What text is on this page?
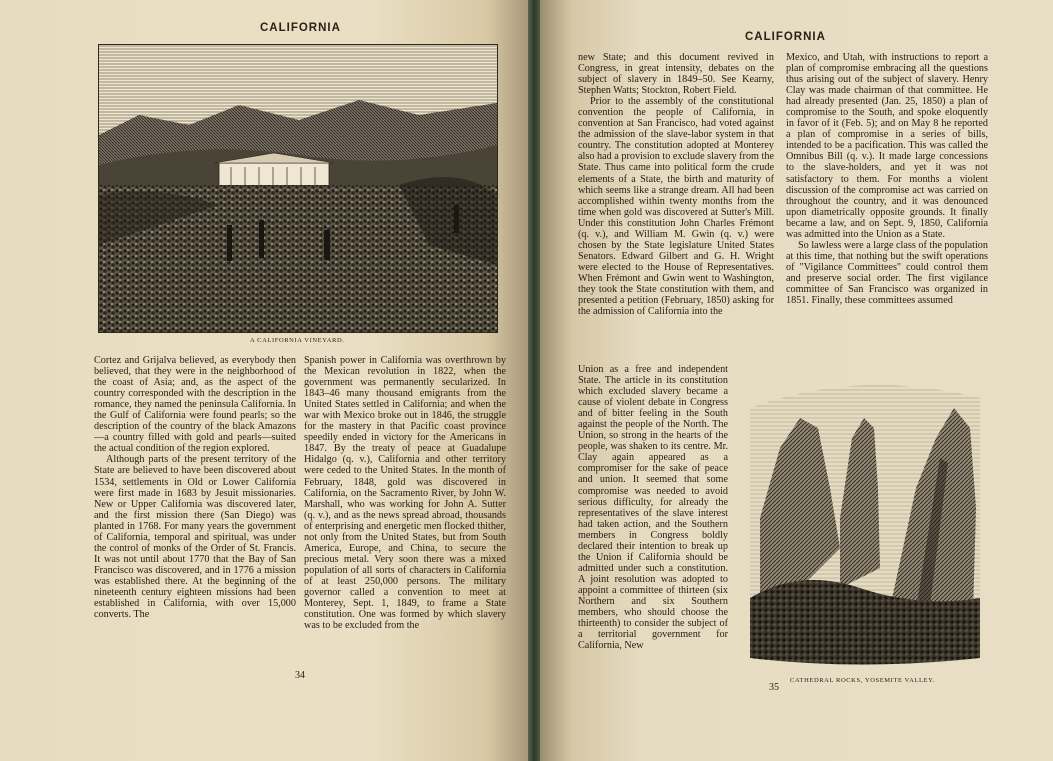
CALIFORNIA
A CALIFORNIA VINEYARD.

Cortez and Grijalva believed, as everybody then believed, that they were in the neighborhood of the coast of Asia; and, as the aspect of the country corresponded with the description in the romance, they named the peninsula California. In the Gulf of California were found pearls; so the description of the country of the black Amazons—a country filled with gold and pearls—suited the actual condition of the region explored.

Although parts of the present territory of the State are believed to have been discovered about 1534, settlements in Old or Lower California were first made in 1683 by Jesuit missionaries. New or Upper California was discovered later, and the first mission there (San Diego) was planted in 1768. For many years the government of California, temporal and spiritual, was under the control of monks of the Order of St. Francis. It was not until about 1770 that the Bay of San Francisco was discovered, and in 1776 a mission was established there. At the beginning of the nineteenth century eighteen missions had been established in California, with over 15,000 converts. The

Spanish power in California was overthrown by the Mexican revolution in 1822, when the government was permanently secularized. In 1843–46 many thousand emigrants from the United States settled in California; and when the war with Mexico broke out in 1846, the struggle for the mastery in that Pacific coast province speedily ended in victory for the Americans in 1847. By the treaty of peace at Guadalupe Hidalgo (q. v.), California and other territory were ceded to the United States. In the month of February, 1848, gold was discovered in California, on the Sacramento River, by John W. Marshall, who was working for John A. Sutter (q. v.), and as the news spread abroad, thousands of enterprising and energetic men flocked thither, not only from the United States, but from South America, Europe, and China, to secure the precious metal. Very soon there was a mixed population of all sorts of characters in California of at least 250,000 persons. The military governor called a convention to meet at Monterey, Sept. 1, 1849, to frame a State constitution. One was formed by which slavery was to be excluded from the

34
CALIFORNIA

new State; and this document revived in Congress, in great intensity, debates on the subject of slavery in 1849–50. See Kearny, Stephen Watts; Stockton, Robert Field.

Prior to the assembly of the constitutional convention the people of California, in convention at San Francisco, had voted against the admission of the slave-labor system in that country. The constitution adopted at Monterey also had a provision to exclude slavery from the State. Thus came into political form the crude elements of a State, the birth and maturity of which seems like a strange dream. All had been accomplished within twenty months from the time when gold was discovered at Sutter's Mill. Under this constitution John Charles Frémont (q. v.), and William M. Gwin (q. v.) were chosen by the State legislature United States Senators. Edward Gilbert and G. H. Wright were elected to the House of Representatives. When Frémont and Gwin went to Washington, they took the State constitution with them, and presented a petition (February, 1850) asking for the admission of California into the

Union as a free and independent State. The article in its constitution which excluded slavery became a cause of violent debate in Congress and of bitter feeling in the South against the people of the North. The Union, so strong in the hearts of the people, was shaken to its centre. Mr. Clay again appeared as a compromiser for the sake of peace and union. It seemed that some compromise was needed to avoid serious difficulty, for already the representatives of the slave interest had taken action, and the Southern members in Congress boldly declared their intention to break up the Union if California should be admitted under such a constitution. A joint resolution was adopted to appoint a committee of thirteen (six Northern and six Southern members, who should choose the thirteenth) to consider the subject of a territorial government for California, New

Mexico, and Utah, with instructions to report a plan of compromise embracing all the questions thus arising out of the subject of slavery. Henry Clay was made chairman of that committee. He had already presented (Jan. 25, 1850) a plan of compromise to the South, and spoke eloquently in favor of it (Feb. 5); and on May 8 he reported a plan of compromise in a series of bills, intended to be a pacification. This was called the Omnibus Bill (q. v.). It made large concessions to the slave-holders, and yet it was not satisfactory to them. For months a violent discussion of the compromise act was carried on throughout the country, and it was denounced upon diametrically opposite grounds. It finally became a law, and on Sept. 9, 1850, California was admitted into the Union as a State.

So lawless were a large class of the population at this time, that nothing but the swift operations of "Vigilance Committees" could control them and preserve social order. The first vigilance committee of San Francisco was organized in 1851. Finally, these committees assumed

CATHEDRAL ROCKS, YOSEMITE VALLEY.
35
